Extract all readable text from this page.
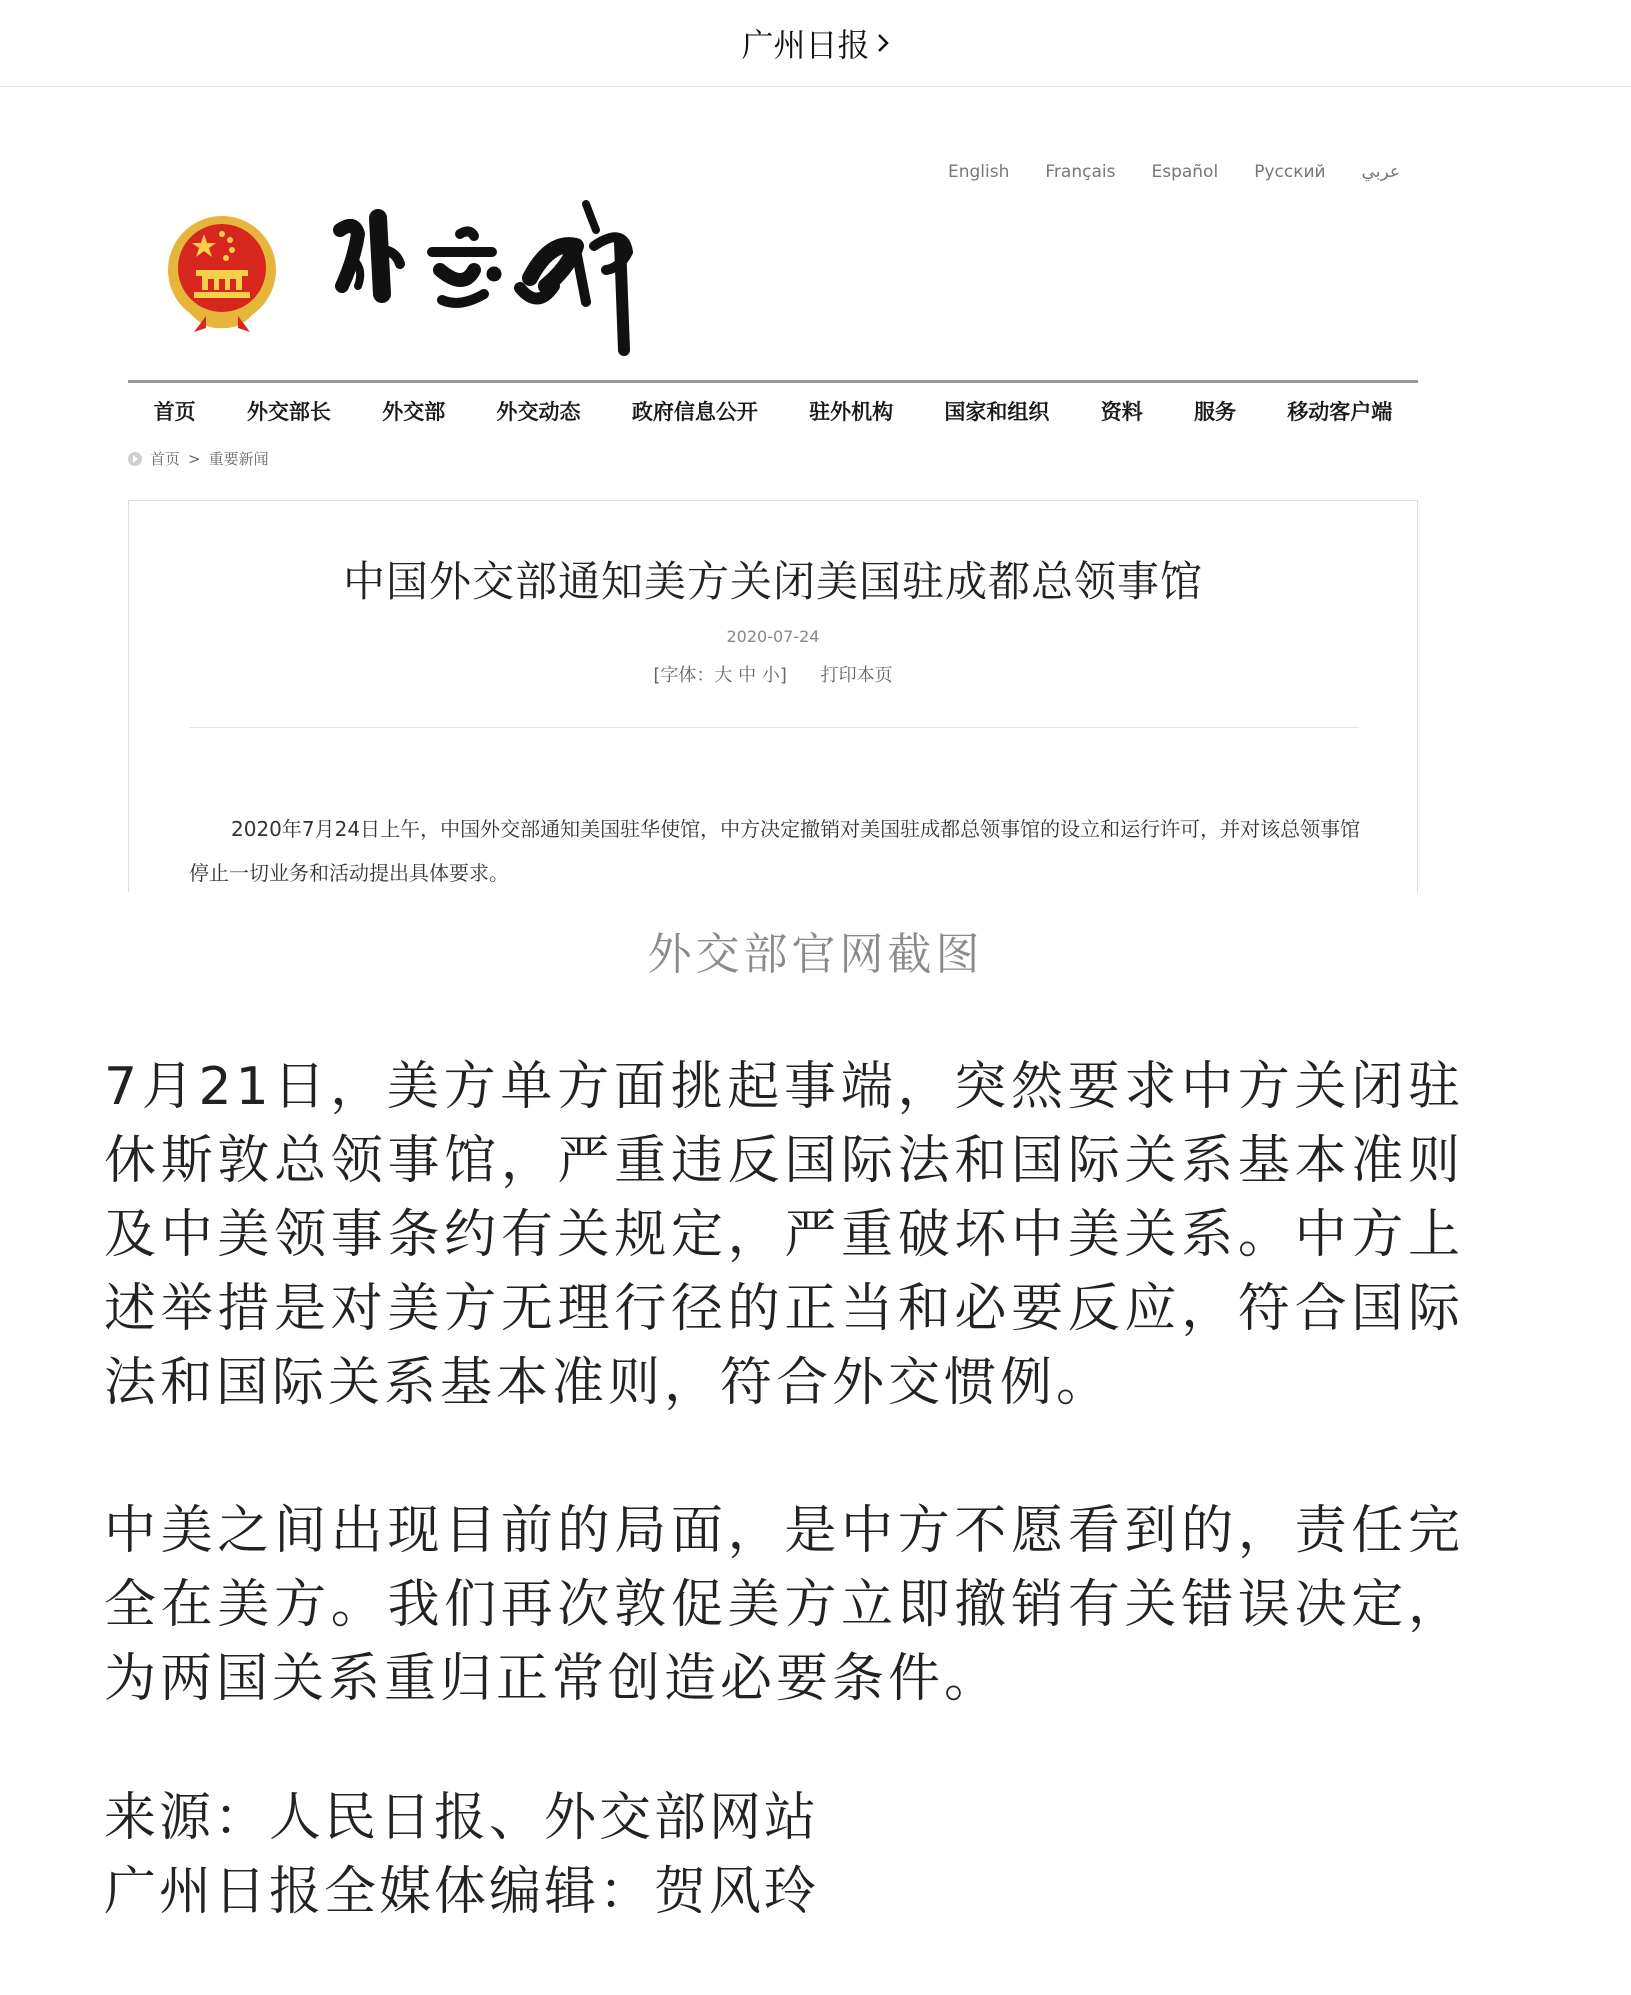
广州日报
English Français Español Русский عربي
首页 外交部长 外交部 外交动态 政府信息公开 驻外机构 国家和组织 资料 服务 移动客户端
首页 > 重要新闻
中国外交部通知美方关闭美国驻成都总领事馆
2020-07-24
[字体：大 中 小] 打印本页
2020年7月24日上午，中国外交部通知美国驻华使馆，中方决定撤销对美国驻成都总领事馆的设立和运行许可，并对该总领事馆停止一切业务和活动提出具体要求。
外交部官网截图
7月21日，美方单方面挑起事端，突然要求中方关闭驻休斯敦总领事馆，严重违反国际法和国际关系基本准则及中美领事条约有关规定，严重破坏中美关系。中方上述举措是对美方无理行径的正当和必要反应，符合国际法和国际关系基本准则，符合外交惯例。
中美之间出现目前的局面，是中方不愿看到的，责任完全在美方。我们再次敦促美方立即撤销有关错误决定，为两国关系重归正常创造必要条件。
来源：人民日报、外交部网站
广州日报全媒体编辑：贺风玲
